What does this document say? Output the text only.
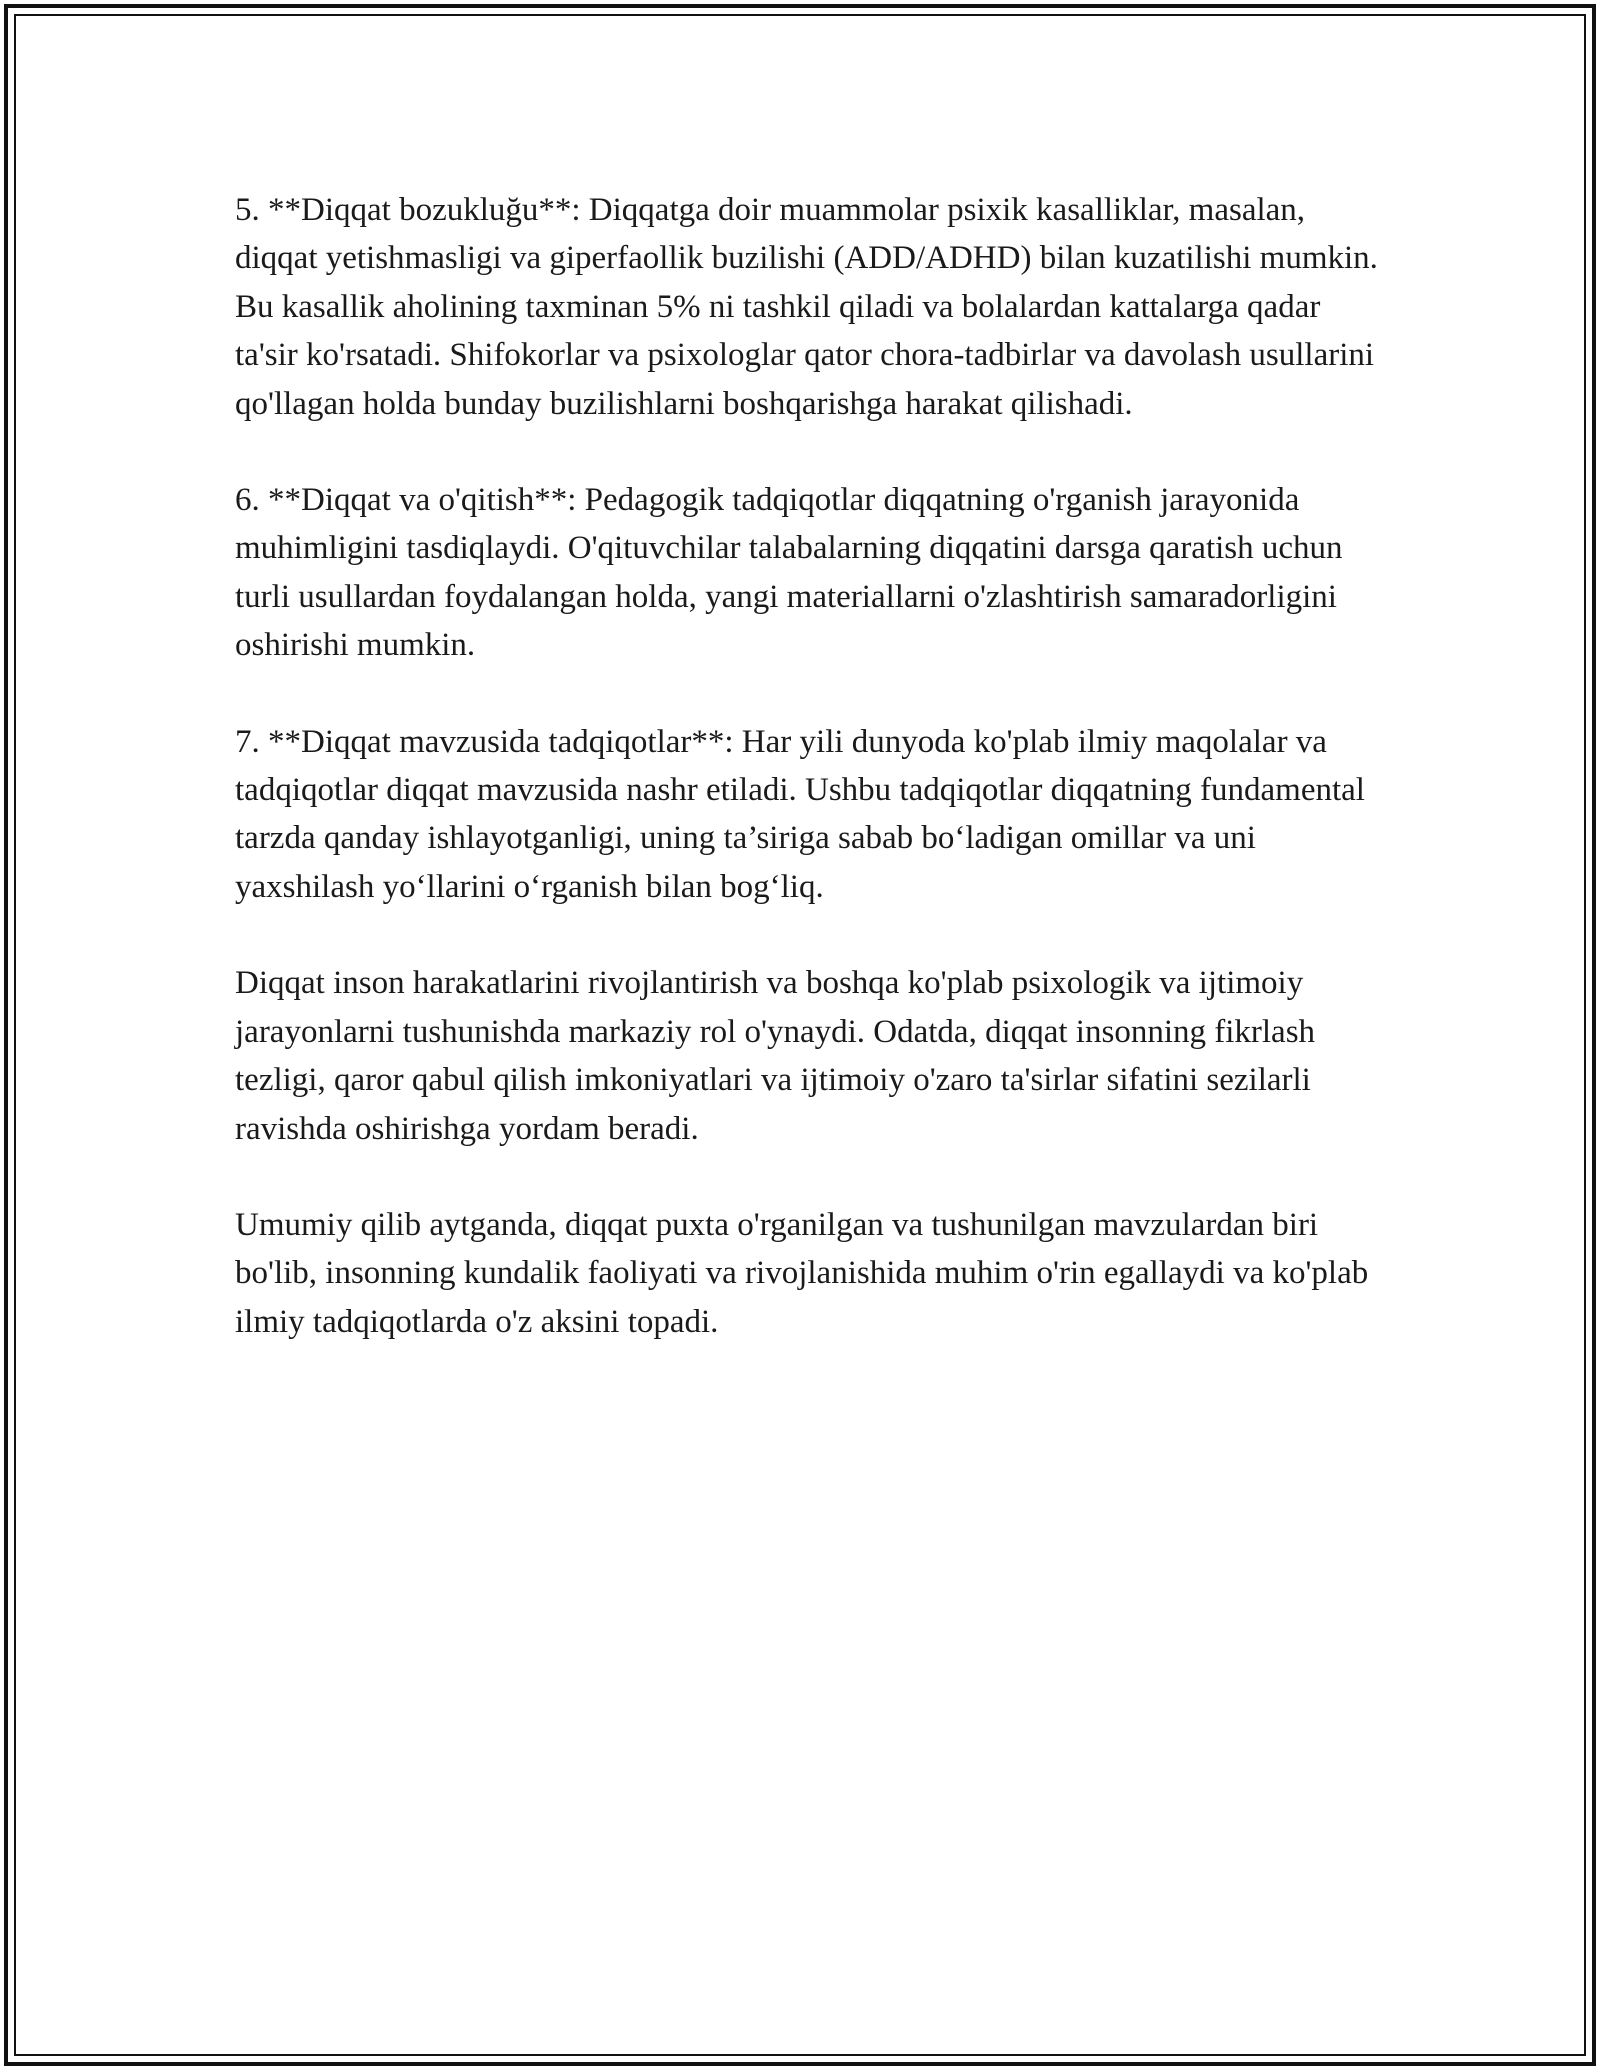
5. **Diqqat bozukluğu**: Diqqatga doir muammolar psixik kasalliklar, masalan, diqqat yetishmasligi va giperfaollik buzilishi (ADD/ADHD) bilan kuzatilishi mumkin. Bu kasallik aholining taxminan 5% ni tashkil qiladi va bolalardan kattalarga qadar ta'sir ko'rsatadi. Shifokorlar va psixologlar qator chora-tadbirlar va davolash usullarini qo'llagan holda bunday buzilishlarni boshqarishga harakat qilishadi.

6. **Diqqat va o'qitish**: Pedagogik tadqiqotlar diqqatning o'rganish jarayonida muhimligini tasdiqlaydi. O'qituvchilar talabalarning diqqatini darsga qaratish uchun turli usullardan foydalangan holda, yangi materiallarni o'zlashtirish samaradorligini oshirishi mumkin.

7. **Diqqat mavzusida tadqiqotlar**: Har yili dunyoda ko'plab ilmiy maqolalar va tadqiqotlar diqqat mavzusida nashr etiladi. Ushbu tadqiqotlar diqqatning fundamental tarzda qanday ishlayotganligi, uning ta’siriga sabab bo‘ladigan omillar va uni yaxshilash yo‘llarini o‘rganish bilan bog‘liq.

Diqqat inson harakatlarini rivojlantirish va boshqa ko'plab psixologik va ijtimoiy jarayonlarni tushunishda markaziy rol o'ynaydi. Odatda, diqqat insonning fikrlash tezligi, qaror qabul qilish imkoniyatlari va ijtimoiy o'zaro ta'sirlar sifatini sezilarli ravishda oshirishga yordam beradi.

Umumiy qilib aytganda, diqqat puxta o'rganilgan va tushunilgan mavzulardan biri bo'lib, insonning kundalik faoliyati va rivojlanishida muhim o'rin egallaydi va ko'plab ilmiy tadqiqotlarda o'z aksini topadi.
